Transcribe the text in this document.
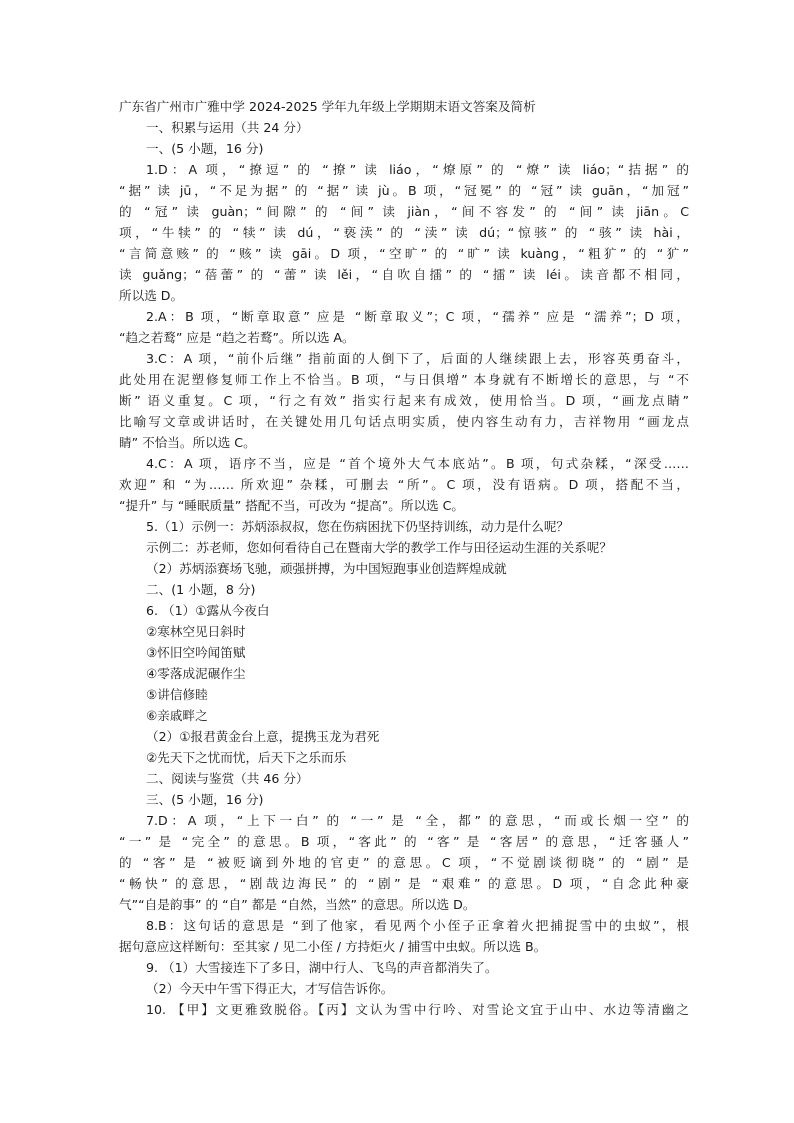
广东省广州市广雅中学 2024-2025 学年九年级上学期期末语文答案及简析
一、积累与运用（共 24 分）
一、(5 小题，16 分)
1.D：A 项，“撩逗” 的 “撩” 读 liáo，“燎原” 的 “燎” 读 liáo；“拮据” 的
“据” 读 jū，“不足为据” 的 “据” 读 jù。B 项，“冠冕” 的 “冠” 读 guān，“加冠”
的 “冠” 读 guàn；“间隙” 的 “间” 读 jiàn，“间不容发” 的 “间” 读 jiān。C
项，“牛犊” 的 “犊” 读 dú，“亵渎” 的 “渎” 读 dú；“惊骇” 的 “骇” 读 hài，
“言简意赅” 的 “赅” 读 gāi。D 项，“空旷” 的 “旷” 读 kuàng，“粗犷” 的 “犷”
读 guǎng；“蓓蕾” 的 “蕾” 读 lěi，“自吹自擂” 的 “擂” 读 léi。读音都不相同，
所以选 D。
2.A：B 项，“断章取意” 应是 “断章取义”；C 项，“孺养” 应是 “濡养”；D 项，
“趋之若鹜” 应是 “趋之若鹜”。所以选 A。
3.C：A 项，“前仆后继” 指前面的人倒下了，后面的人继续跟上去，形容英勇奋斗，
此处用在泥塑修复师工作上不恰当。B 项，“与日俱增” 本身就有不断增长的意思，与 “不
断” 语义重复。C 项，“行之有效” 指实行起来有成效，使用恰当。D 项，“画龙点睛”
比喻写文章或讲话时，在关键处用几句话点明实质，使内容生动有力，吉祥物用 “画龙点
睛” 不恰当。所以选 C。
4.C：A 项，语序不当，应是 “首个境外大气本底站”。B 项，句式杂糅，“深受……
欢迎” 和 “为…… 所欢迎” 杂糅，可删去 “所”。C 项，没有语病。D 项，搭配不当，
“提升” 与 “睡眠质量” 搭配不当，可改为 “提高”。所以选 C。
5.（1）示例一：苏炳添叔叔，您在伤病困扰下仍坚持训练，动力是什么呢？
示例二：苏老师，您如何看待自己在暨南大学的教学工作与田径运动生涯的关系呢？
（2）苏炳添赛场飞驰，顽强拼搏，为中国短跑事业创造辉煌成就
二、(1 小题，8 分)
6. （1）①露从今夜白
②寒林空见日斜时
③怀旧空吟闻笛赋
④零落成泥碾作尘
⑤讲信修睦
⑥亲戚畔之
（2）①报君黄金台上意，提携玉龙为君死
②先天下之忧而忧，后天下之乐而乐
二、阅读与鉴赏（共 46 分）
三、(5 小题，16 分)
7.D：A 项，“上下一白” 的 “一” 是 “全，都” 的意思，“而或长烟一空” 的
“一” 是 “完全” 的意思。B 项，“客此” 的 “客” 是 “客居” 的意思，“迁客骚人”
的 “客” 是 “被贬谪到外地的官吏” 的意思。C 项，“不觉剧谈彻晓” 的 “剧” 是
“畅快” 的意思，“剧哉边海民” 的 “剧” 是 “艰难” 的意思。D 项，“自念此种豪
气”“自是韵事” 的 “自” 都是 “自然，当然” 的意思。所以选 D。
8.B：这句话的意思是 “到了他家，看见两个小侄子正拿着火把捕捉雪中的虫蚁”，根
据句意应这样断句：至其家 / 见二小侄 / 方持炬火 / 捕雪中虫蚁。所以选 B。
9. （1）大雪接连下了多日，湖中行人、飞鸟的声音都消失了。
（2）今天中午雪下得正大，才写信告诉你。
10. 【甲】文更雅致脱俗。【丙】文认为雪中行吟、对雪论文宜于山中、水边等清幽之
